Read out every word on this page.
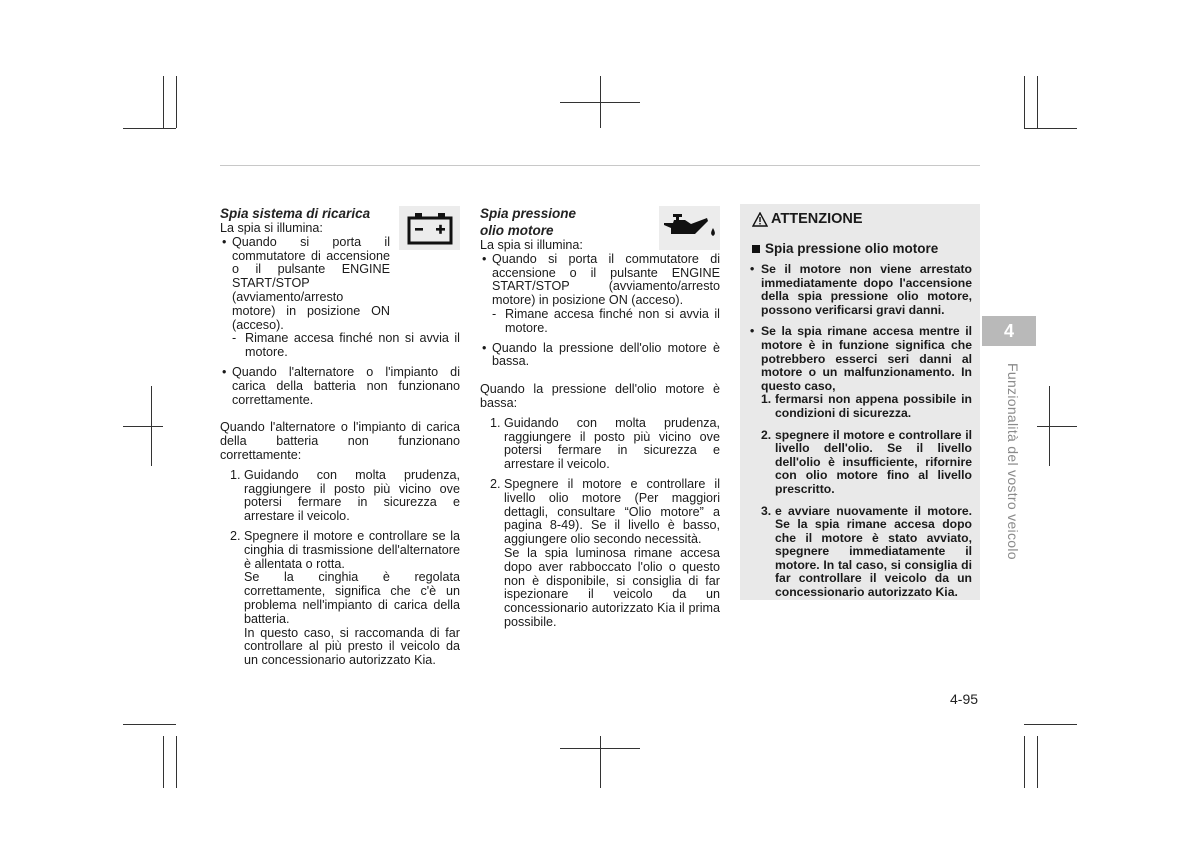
Spia sistema di ricarica

La spia si illumina:

• Quando si porta il commutatore di accensione o il pulsante ENGINE START/STOP (avviamento/arresto motore) in posizione ON (acceso).
- Rimane accesa finché non si avvia il motore.
• Quando l'alternatore o l'impianto di carica della batteria non funzionano correttamente.

Quando l'alternatore o l'impianto di carica della batteria non funzionano correttamente:

1. Guidando con molta prudenza, raggiungere il posto più vicino ove potersi fermare in sicurezza e arrestare il veicolo.
2. Spegnere il motore e controllare se la cinghia di trasmissione dell'alternatore è allentata o rotta.

Se la cinghia è regolata correttamente, significa che c'è un problema nell'impianto di carica della batteria.

In questo caso, si raccomanda di far controllare al più presto il veicolo da un concessionario autorizzato Kia.

Spia pressione olio motore

La spia si illumina:

• Quando si porta il commutatore di accensione o il pulsante ENGINE START/STOP (avviamento/arresto motore) in posizione ON (acceso).
- Rimane accesa finché non si avvia il motore.
• Quando la pressione dell'olio motore è bassa.

Quando la pressione dell'olio motore è bassa:

1. Guidando con molta prudenza, raggiungere il posto più vicino ove potersi fermare in sicurezza e arrestare il veicolo.
2. Spegnere il motore e controllare il livello olio motore (Per maggiori dettagli, consultare “Olio motore” a pagina 8-49). Se il livello è basso, aggiungere olio secondo necessità.

Se la spia luminosa rimane accesa dopo aver rabboccato l'olio o questo non è disponibile, si consiglia di far ispezionare il veicolo da un concessionario autorizzato Kia il prima possibile.

ATTENZIONE
Spia pressione olio motore
• Se il motore non viene arrestato immediatamente dopo l'accensione della spia pressione olio motore, possono verificarsi gravi danni.
• Se la spia rimane accesa mentre il motore è in funzione significa che potrebbero esserci seri danni al motore o un malfunzionamento. In questo caso,
1. fermarsi non appena possibile in condizioni di sicurezza.
2. spegnere il motore e controllare il livello dell'olio. Se il livello dell'olio è insufficiente, rifornire con olio motore fino al livello prescritto.
3. e avviare nuovamente il motore. Se la spia rimane accesa dopo che il motore è stato avviato, spegnere immediatamente il motore. In tal caso, si consiglia di far controllare il veicolo da un concessionario autorizzato Kia.
4
Funzionalità del vostro veicolo
4-95
